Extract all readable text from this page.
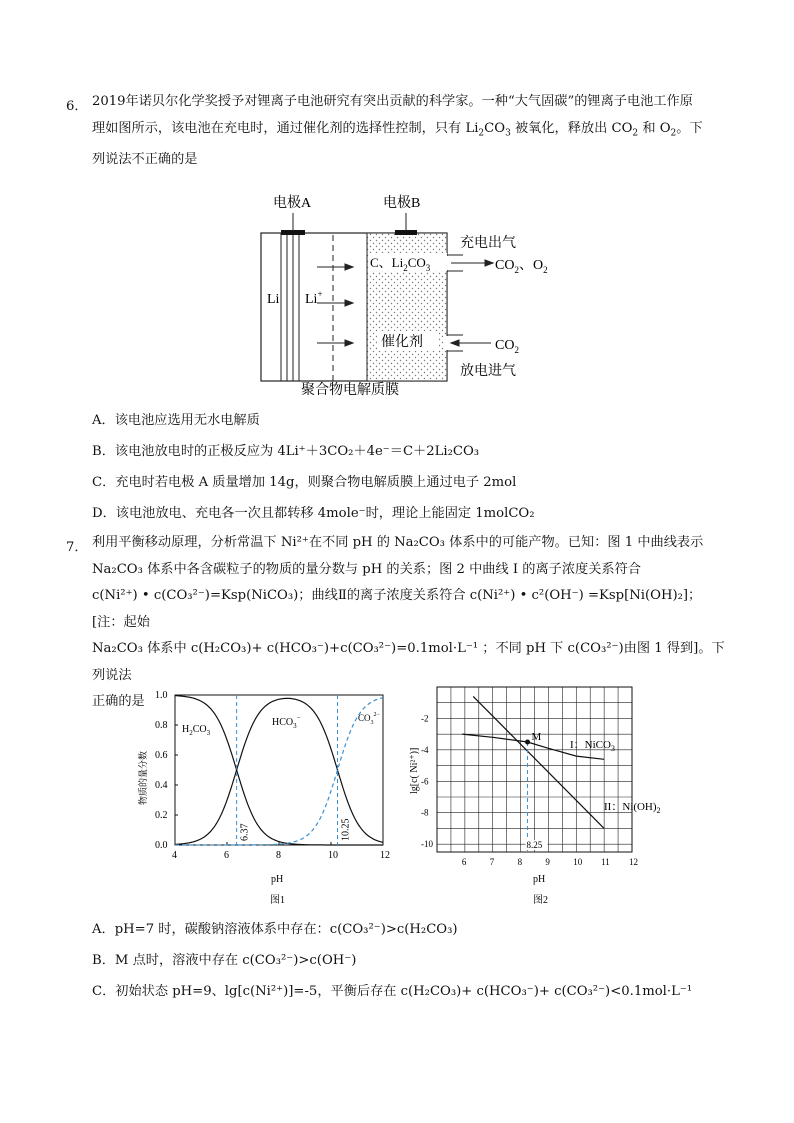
6． 2019年诺贝尔化学奖授予对锂离子电池研究有突出贡献的科学家。一种“大气固碳”的锂离子电池工作原
理如图所示，该电池在充电时，通过催化剂的选择性控制，只有 $Li_2CO_3$ 被氧化，释放出 $CO_2$ 和 $O_2$。下
列说法不正确的是
电极A	电极B
Li Li+
C、$Li_2CO_3$
催化剂
充电出气
$CO_2$、$O_2$
$CO_2$
放电进气
聚合物电解质膜
A．该电池应选用无水电解质
B．该电池放电时的正极反应为 4Li⁺＋3CO₂＋4e⁻＝C＋2Li₂CO₃
C．充电时若电极 A 质量增加 14g，则聚合物电解质膜上通过电子 2mol
D．该电池放电、充电各一次且都转移 4mole⁻时，理论上能固定 1molCO₂
7． 利用平衡移动原理，分析常温下 Ni²⁺在不同 pH 的 Na₂CO₃ 体系中的可能产物。已知：图 1 中曲线表示
Na₂CO₃ 体系中各含碳粒子的物质的量分数与 pH 的关系；图 2 中曲线 I 的离子浓度关系符合
c(Ni²⁺) • c(CO₃²⁻)=Ksp(NiCO₃)；曲线Ⅱ的离子浓度关系符合 c(Ni²⁺) • c²(OH⁻) =Ksp[Ni(OH)₂]；[注：起始
Na₂CO₃ 体系中 c(H₂CO₃)+ c(HCO₃⁻)+c(CO₃²⁻)=0.1mol·L⁻¹ ；不同 pH 下 c(CO₃²⁻)由图 1 得到]。下列说法
正确的是
4	6	8	10	12
0.0
0.2
0.4
0.6
0.8
1.0
6.37	10.25
$H_2CO_3$
$HCO_3^-$	$CO_3^{2-}$
物质的量分数
pH
图1
6	7	8	9	10 11 12
-2
-4
-6
-8
-10
M
8.25
I：NiCO$_3$
II：$Ni(OH)_2$
lg[c( Ni²⁺)]
pH
图2
A．pH=7 时，碳酸钠溶液体系中存在：c(CO₃²⁻)>c(H₂CO₃)
B．M 点时，溶液中存在 c(CO₃²⁻)>c(OH⁻)
C．初始状态 pH=9、lg[c(Ni²⁺)]=-5，平衡后存在 c(H₂CO₃)+ c(HCO₃⁻)+ c(CO₃²⁻)<0.1mol·L⁻¹
